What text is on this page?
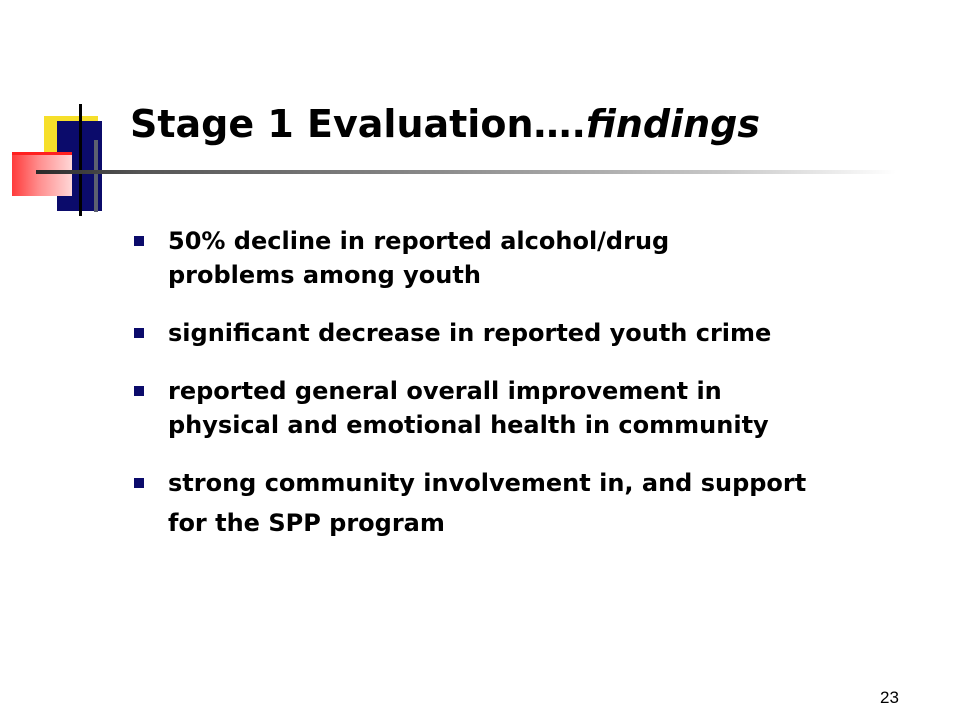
Stage 1 Evaluation….findings
50% decline in reported alcohol/drug
problems among youth
significant decrease in reported youth crime
reported general overall improvement in
physical and emotional health in community
strong community involvement in, and support
for the SPP program
23
